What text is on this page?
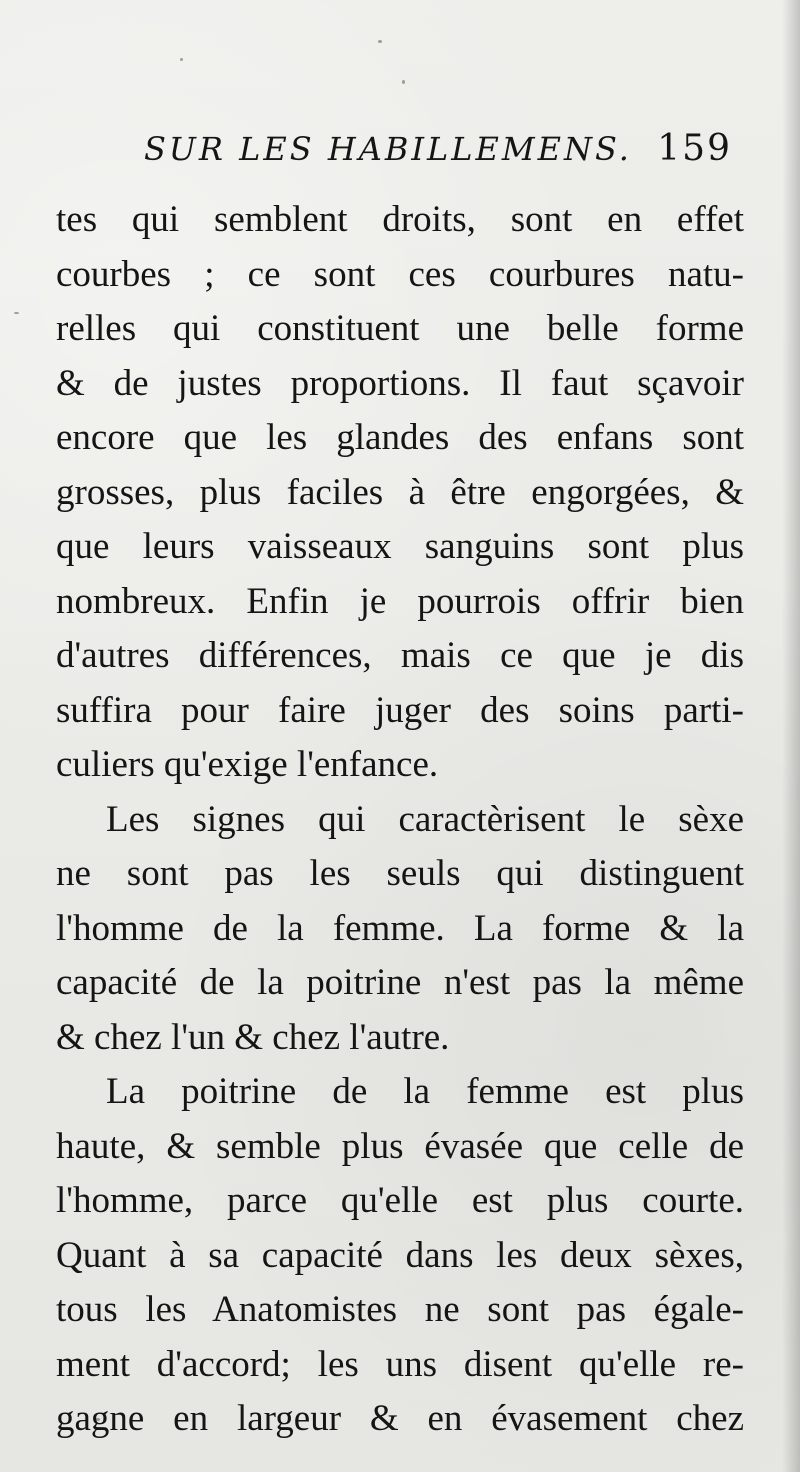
SUR LES HABILLEMENS. 159
tes qui semblent droits, sont en effet
courbes ; ce sont ces courbures natu-
relles qui constituent une belle forme
& de justes proportions. Il faut sçavoir
encore que les glandes des enfans sont
grosses, plus faciles à être engorgées, &
que leurs vaisseaux sanguins sont plus
nombreux. Enfin je pourrois offrir bien
d'autres différences, mais ce que je dis
suffira pour faire juger des soins parti-
culiers qu'exige l'enfance.
Les signes qui caractèrisent le sèxe
ne sont pas les seuls qui distinguent
l'homme de la femme. La forme & la
capacité de la poitrine n'est pas la même
& chez l'un & chez l'autre.
La poitrine de la femme est plus
haute, & semble plus évasée que celle de
l'homme, parce qu'elle est plus courte.
Quant à sa capacité dans les deux sèxes,
tous les Anatomistes ne sont pas égale-
ment d'accord; les uns disent qu'elle re-
gagne en largeur & en évasement chez
